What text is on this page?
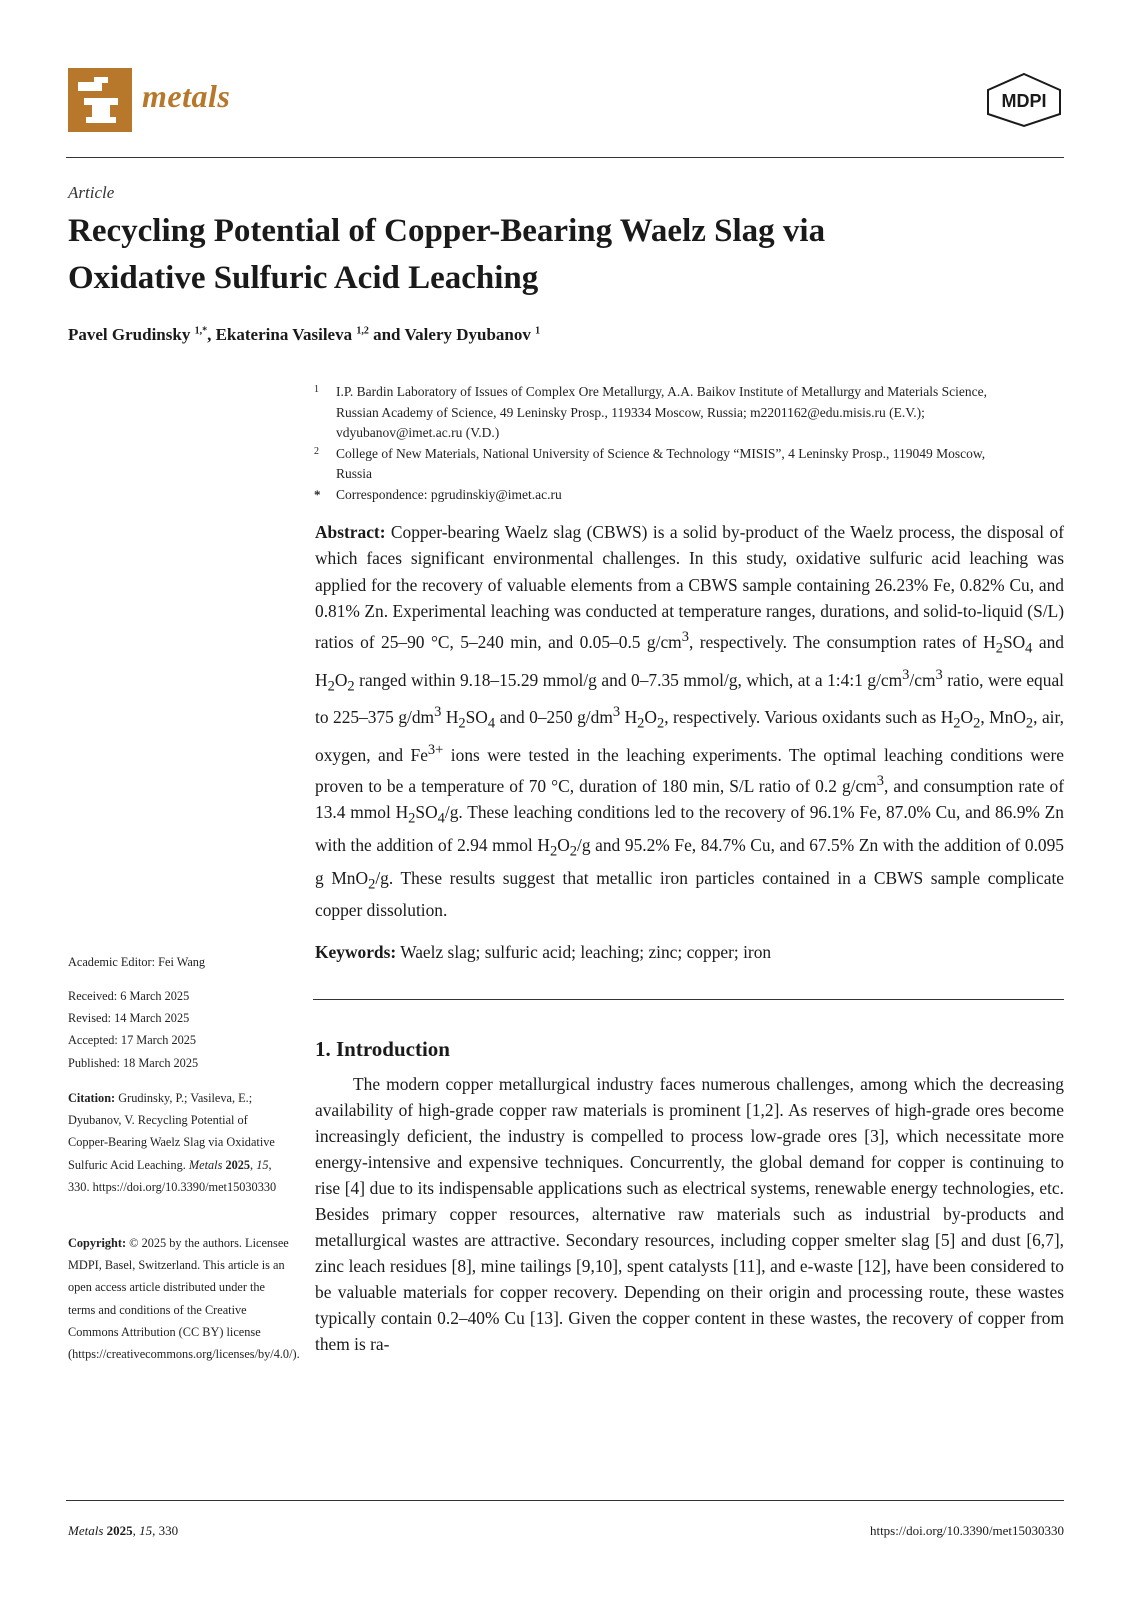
metals	MDPI
Article
Recycling Potential of Copper-Bearing Waelz Slag via
Oxidative Sulfuric Acid Leaching
Pavel Grudinsky $^{1,*}$, Ekaterina Vasileva $^{1,2}$ and Valery Dyubanov $^1$
1 I.P. Bardin Laboratory of Issues of Complex Ore Metallurgy, A.A. Baikov Institute of Metallurgy and Materials Science, Russian Academy of Science, 49 Leninsky Prosp., 119334 Moscow, Russia; m2201162@edu.misis.ru (E.V.); vdyubanov@imet.ac.ru (V.D.)
2 College of New Materials, National University of Science & Technology “MISIS”, 4 Leninsky Prosp., 119049 Moscow, Russia
* Correspondence: pgrudinskiy@imet.ac.ru
Abstract: Copper-bearing Waelz slag (CBWS) is a solid by-product of the Waelz process, the disposal of which faces significant environmental challenges. In this study, oxidative sulfuric acid leaching was applied for the recovery of valuable elements from a CBWS sample containing 26.23% Fe, 0.82% Cu, and 0.81% Zn. Experimental leaching was conducted at temperature ranges, durations, and solid-to-liquid (S/L) ratios of 25–90 °C, 5–240 min, and 0.05–0.5 $g/cm^3$, respectively. The consumption rates of $H_2SO_4$ and $H_2O_2$ ranged within 9.18–15.29 mmol/g and 0–7.35 mmol/g, which, at a 1:4:1 $g/cm^3/cm^3$ ratio, were equal to 225–375 $g/dm^3$ $H_2SO_4$ and 0–250 $g/dm^3$ $H_2O_2$, respectively. Various oxidants such as $H_2O_2$, MnO$_2$, air, oxygen, and $Fe^{3+}$ ions were tested in the leaching experiments. The optimal leaching conditions were proven to be a temperature of 70 °C, duration of 180 min, S/L ratio of 0.2 $g/cm^3$, and consumption rate of 13.4 mmol $H_2SO_4/g$. These leaching conditions led to the recovery of 96.1% Fe, 87.0% Cu, and 86.9% Zn with the addition of 2.94 mmol $H_2O_2/g$ and 95.2% Fe, 84.7% Cu, and 67.5% Zn with the addition of 0.095 g MnO$_2$/g. These results suggest that metallic iron particles contained in a CBWS sample complicate copper dissolution.
Keywords: Waelz slag; sulfuric acid; leaching; zinc; copper; iron
Academic Editor: Fei Wang
Received: 6 March 2025
Revised: 14 March 2025
Accepted: 17 March 2025
Published: 18 March 2025
Citation: Grudinsky, P.; Vasileva, E.; Dyubanov, V. Recycling Potential of Copper-Bearing Waelz Slag via Oxidative Sulfuric Acid Leaching. Metals 2025, 15, 330. https://doi.org/10.3390/met15030330
Copyright: © 2025 by the authors. Licensee MDPI, Basel, Switzerland. This article is an open access article distributed under the terms and conditions of the Creative Commons Attribution (CC BY) license (https://creativecommons.org/licenses/by/4.0/).
1. Introduction

The modern copper metallurgical industry faces numerous challenges, among which the decreasing availability of high-grade copper raw materials is prominent [1,2]. As reserves of high-grade ores become increasingly deficient, the industry is compelled to process low-grade ores [3], which necessitate more energy-intensive and expensive techniques. Concurrently, the global demand for copper is continuing to rise [4] due to its indispensable applications such as electrical systems, renewable energy technologies, etc. Besides primary copper resources, alternative raw materials such as industrial by-products and metallurgical wastes are attractive. Secondary resources, including copper smelter slag [5] and dust [6,7], zinc leach residues [8], mine tailings [9,10], spent catalysts [11], and e-waste [12], have been considered to be valuable materials for copper recovery. Depending on their origin and processing route, these wastes typically contain 0.2–40% Cu [13]. Given the copper content in these wastes, the recovery of copper from them is ra-

Metals 2025, 15, 330	https://doi.org/10.3390/met15030330
